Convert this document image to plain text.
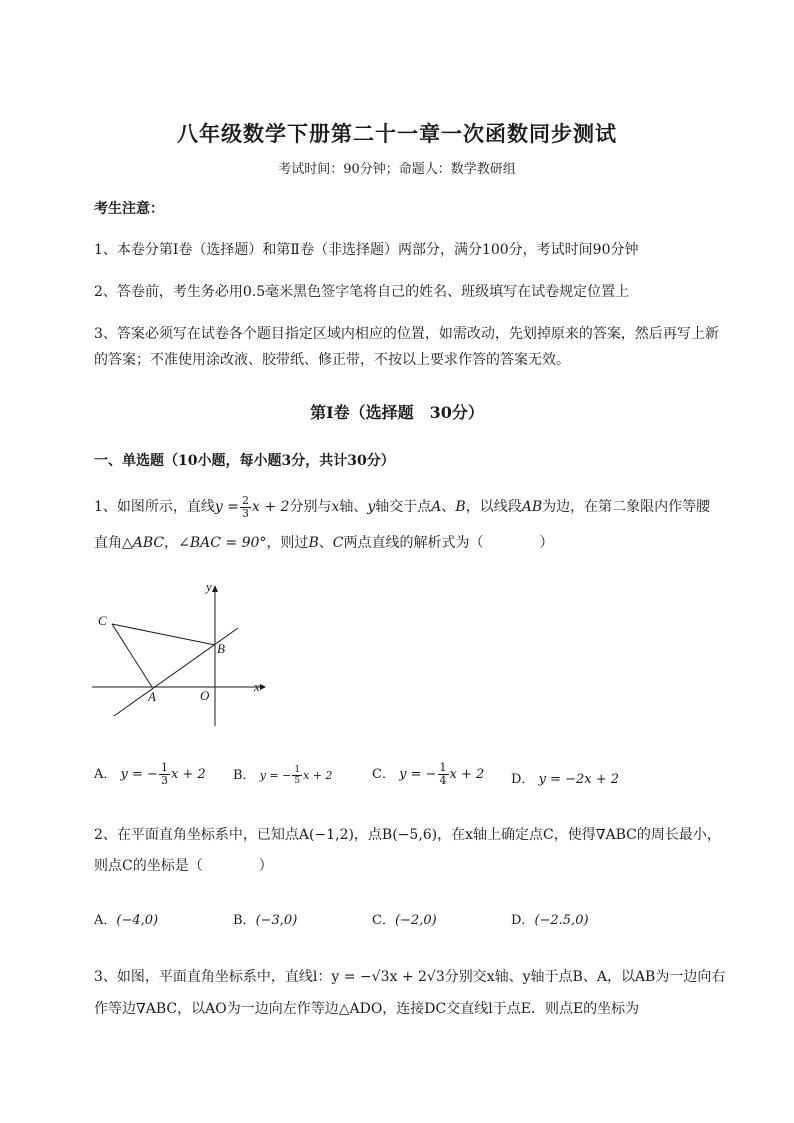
八年级数学下册第二十一章一次函数同步测试
考试时间：90分钟；命题人：数学教研组
考生注意：
1、本卷分第Ⅰ卷（选择题）和第Ⅱ卷（非选择题）两部分，满分100分，考试时间90分钟
2、答卷前，考生务必用0.5毫米黑色签字笔将自己的姓名、班级填写在试卷规定位置上
3、答案必须写在试卷各个题目指定区域内相应的位置，如需改动，先划掉原来的答案，然后再写上新
的答案；不准使用涂改液、胶带纸、修正带，不按以上要求作答的答案无效。
第Ⅰ卷（选择题　30分）
一、单选题（10小题，每小题3分，共计30分）
1、如图所示，直线$y = \frac{2}{3}$ x + 2分别与x轴、y轴交于点A、B，以线段AB为边，在第二象限内作等腰
直角△ABC，∠BAC = 90°，则过B、C两点直线的解析式为（　　　　）
y
x
C
B
A	O
A． y = − $\frac{1}{3}$ x + 2 B． y = − $\frac{1}{5}$ x + 2	C． y = − $\frac{1}{4}$ x + 2 D． y = −2x + 2
2、在平面直角坐标系中，已知点A(−1,2)，点B(−5,6)，在x轴上确定点C，使得∇ABC的周长最小，
则点C的坐标是（　　　　）
A．(−4,0)	B．(−3,0)	C．(−2,0)	D．(−2.5,0)
3、如图，平面直角坐标系中，直线l：y = −√3x + 2√3分别交x轴、y轴于点B、A，以AB为一边向右
作等边∇ABC，以AO为一边向左作等边△ADO，连接DC交直线l于点E．则点E的坐标为
